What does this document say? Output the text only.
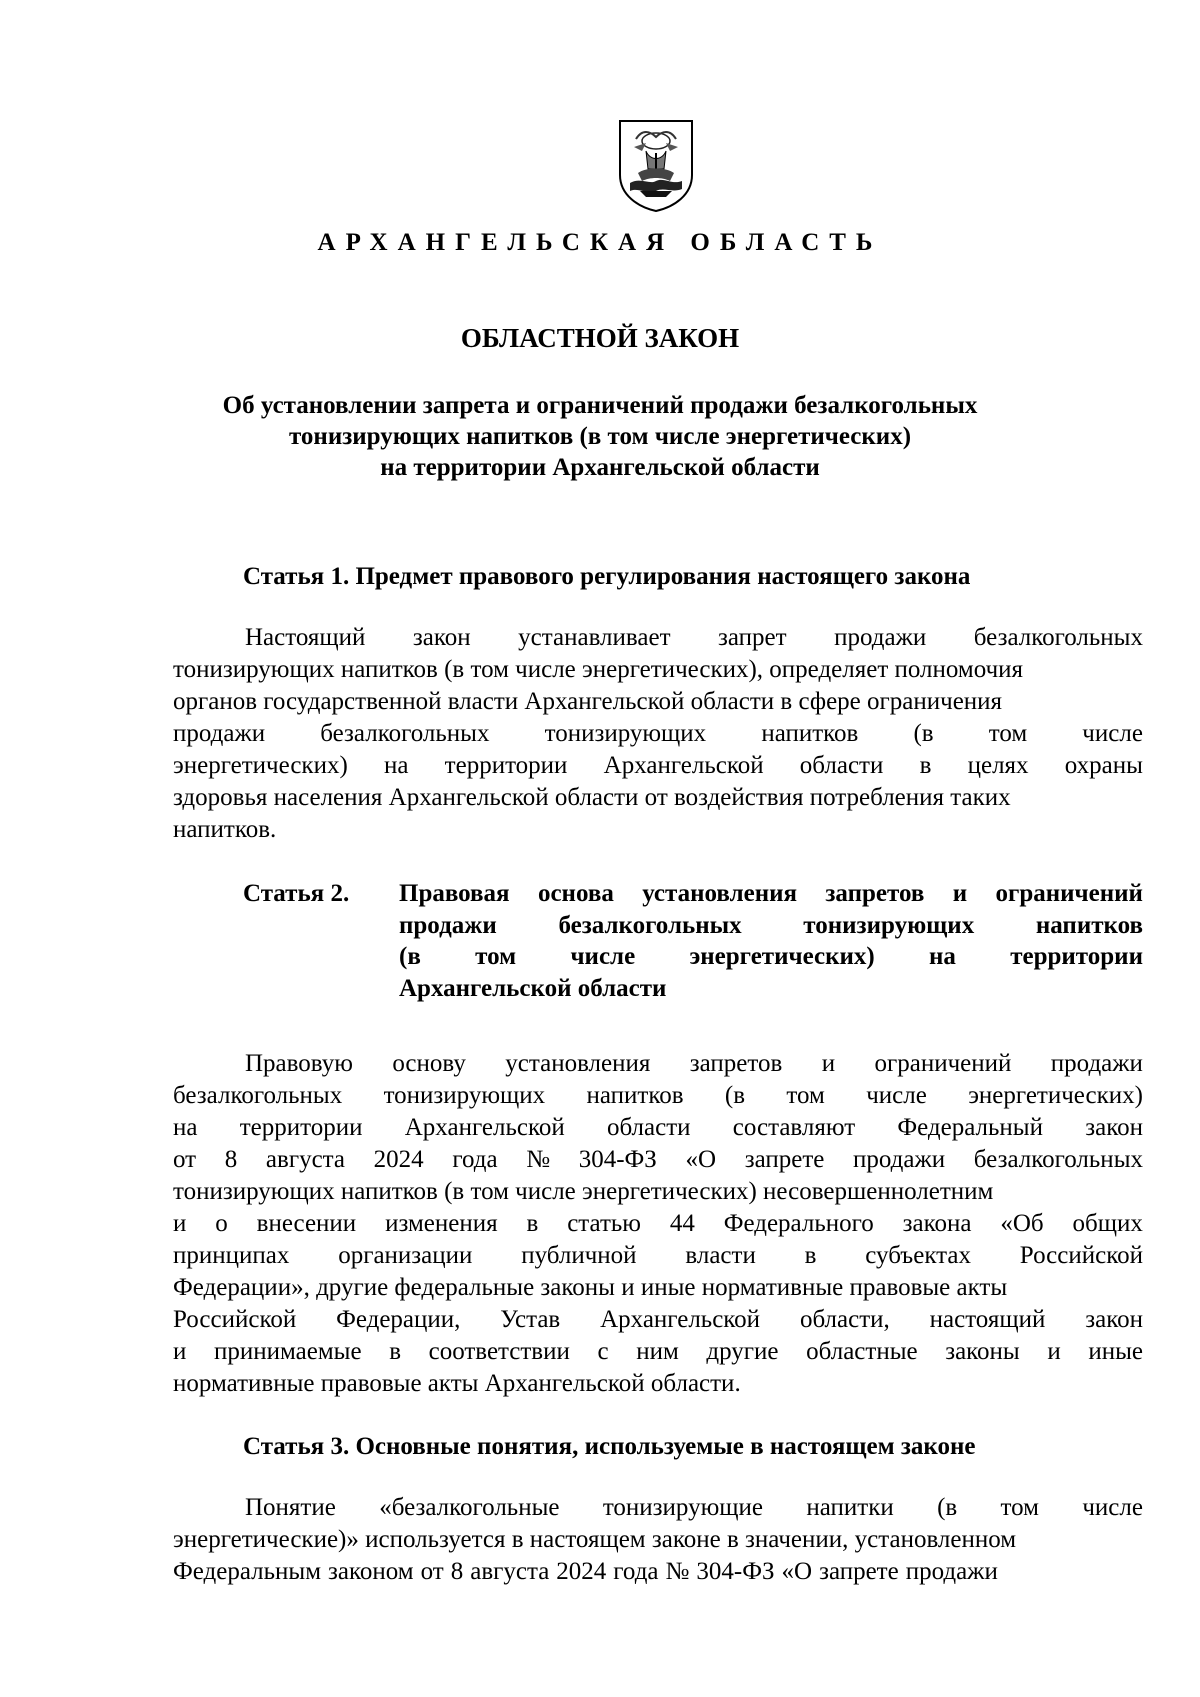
АРХАНГЕЛЬСКАЯ ОБЛАСТЬ
ОБЛАСТНОЙ ЗАКОН
Об установлении запрета и ограничений продажи безалкогольных
тонизирующих напитков (в том числе энергетических)
на территории Архангельской области
Статья 1. Предмет правового регулирования настоящего закона
Настоящий закон устанавливает запрет продажи безалкогольных
тонизирующих напитков (в том числе энергетических), определяет полномочия
органов государственной власти Архангельской области в сфере ограничения
продажи безалкогольных тонизирующих напитков (в том числе
энергетических) на территории Архангельской области в целях охраны
здоровья населения Архангельской области от воздействия потребления таких
напитков.
Статья 2. Правовая основа установления запретов и ограничений
продажи безалкогольных тонизирующих напитков
(в том числе энергетических) на территории
Архангельской области
Правовую основу установления запретов и ограничений продажи
безалкогольных тонизирующих напитков (в том числе энергетических)
на территории Архангельской области составляют Федеральный закон
от 8 августа 2024 года № 304-ФЗ «О запрете продажи безалкогольных
тонизирующих напитков (в том числе энергетических) несовершеннолетним
и о внесении изменения в статью 44 Федерального закона «Об общих
принципах организации публичной власти в субъектах Российской
Федерации», другие федеральные законы и иные нормативные правовые акты
Российской Федерации, Устав Архангельской области, настоящий закон
и принимаемые в соответствии с ним другие областные законы и иные
нормативные правовые акты Архангельской области.
Статья 3. Основные понятия, используемые в настоящем законе
Понятие «безалкогольные тонизирующие напитки (в том числе
энергетические)» используется в настоящем законе в значении, установленном
Федеральным законом от 8 августа 2024 года № 304-ФЗ «О запрете продажи
